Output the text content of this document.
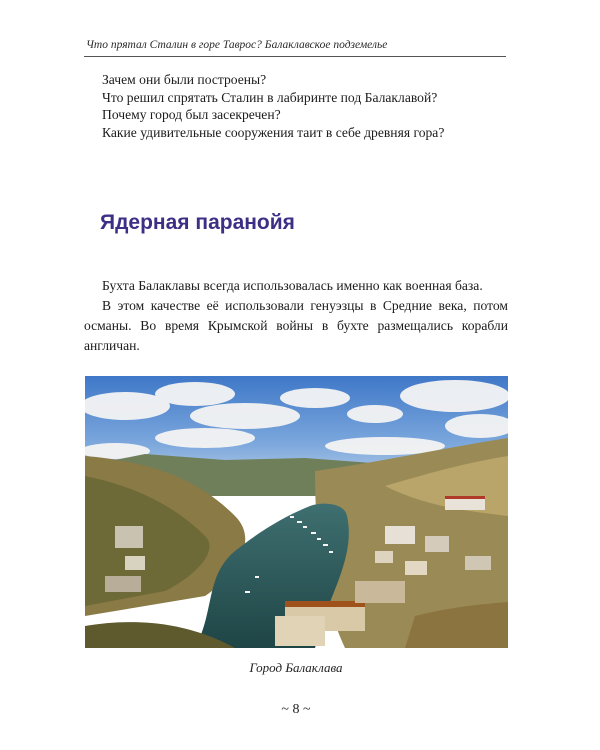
Что прятал Сталин в горе Таврос? Балаклавское подземелье
Зачем они были построены?
Что решил спрятать Сталин в лабиринте под Балаклавой?
Почему город был засекречен?
Какие удивительные сооружения таит в себе древняя гора?
Ядерная паранойя

Бухта Балаклавы всегда использовалась именно как военная база.

В этом качестве её использовали генуэзцы в Средние века, потом османы. Во время Крымской войны в бухте размещались корабли англичан.

Город Балаклава
~ 8 ~
